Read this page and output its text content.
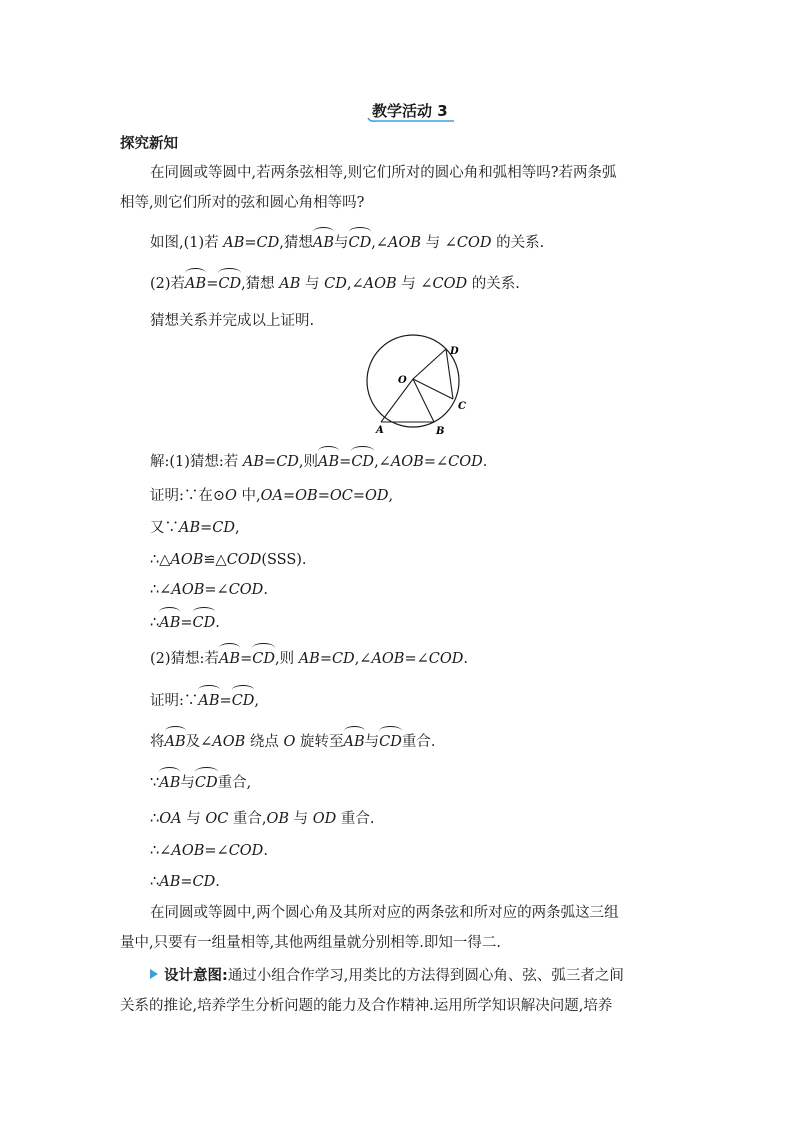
教学活动 3
探究新知
在同圆或等圆中,若两条弦相等,则它们所对的圆心角和弧相等吗?若两条弧
相等,则它们所对的弦和圆心角相等吗?
如图,(1)若 AB=CD,猜想AB与CD,∠AOB 与 ∠COD 的关系.
(2)若AB=CD,猜想 AB 与 CD,∠AOB 与 ∠COD 的关系.
猜想关系并完成以上证明.
O
A	B
C
D
解:(1)猜想:若 AB=CD,则AB=CD,∠AOB=∠COD.
证明:∵在⊙O 中,OA=OB=OC=OD,
又∵AB=CD,
∴△AOB≌△COD(SSS).
∴∠AOB=∠COD.
∴AB=CD.
(2)猜想:若AB=CD,则 AB=CD,∠AOB=∠COD.
证明:∵AB=CD,
将AB及∠AOB 绕点 O 旋转至AB与CD重合.
∵AB与CD重合,
∴OA 与 OC 重合,OB 与 OD 重合.
∴∠AOB=∠COD.
∴AB=CD.
在同圆或等圆中,两个圆心角及其所对应的两条弦和所对应的两条弧这三组
量中,只要有一组量相等,其他两组量就分别相等.即知一得二.
设计意图:通过小组合作学习,用类比的方法得到圆心角、弦、弧三者之间
关系的推论,培养学生分析问题的能力及合作精神.运用所学知识解决问题,培养
